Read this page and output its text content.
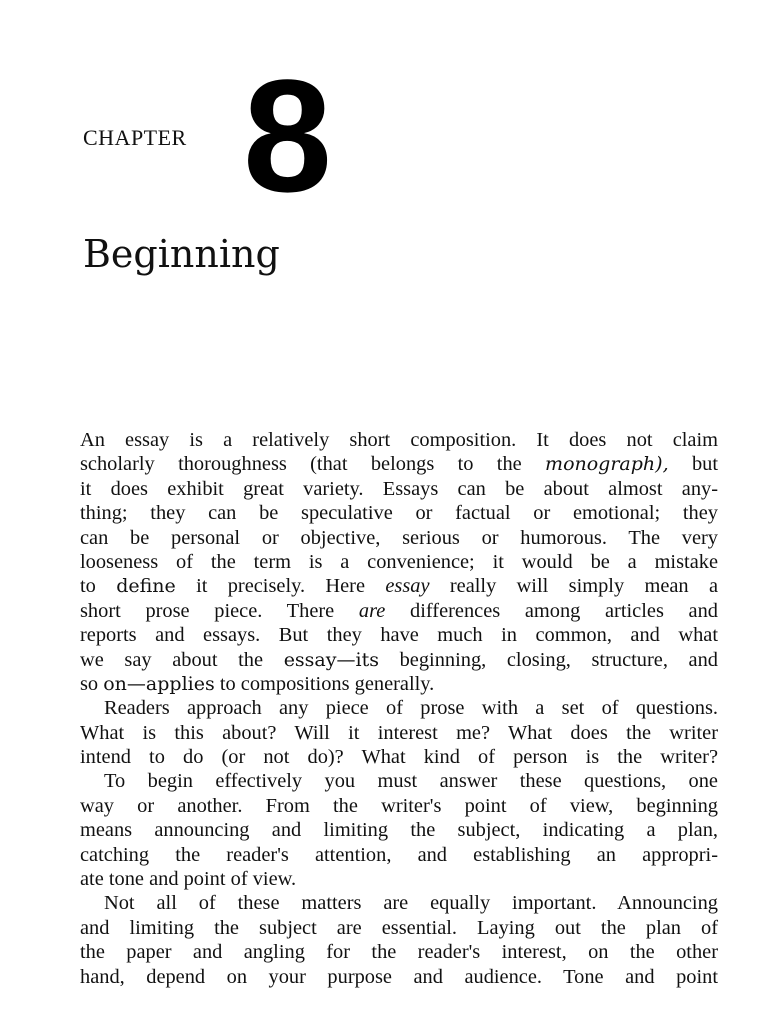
CHAPTER 8
Beginning
An essay is a relatively short composition. It does not claim
scholarly thoroughness (that belongs to the monograph), but
it does exhibit great variety. Essays can be about almost any-
thing; they can be speculative or factual or emotional; they
can be personal or objective, serious or humorous. The very
looseness of the term is a convenience; it would be a mistake
to define it precisely. Here essay really will simply mean a
short prose piece. There are differences among articles and
reports and essays. But they have much in common, and what
we say about the essay—its beginning, closing, structure, and
so on—applies to compositions generally.
Readers approach any piece of prose with a set of questions.
What is this about? Will it interest me? What does the writer
intend to do (or not do)? What kind of person is the writer?
To begin effectively you must answer these questions, one
way or another. From the writer's point of view, beginning
means announcing and limiting the subject, indicating a plan,
catching the reader's attention, and establishing an appropri-
ate tone and point of view.
Not all of these matters are equally important. Announcing
and limiting the subject are essential. Laying out the plan of
the paper and angling for the reader's interest, on the other
hand, depend on your purpose and audience. Tone and point
